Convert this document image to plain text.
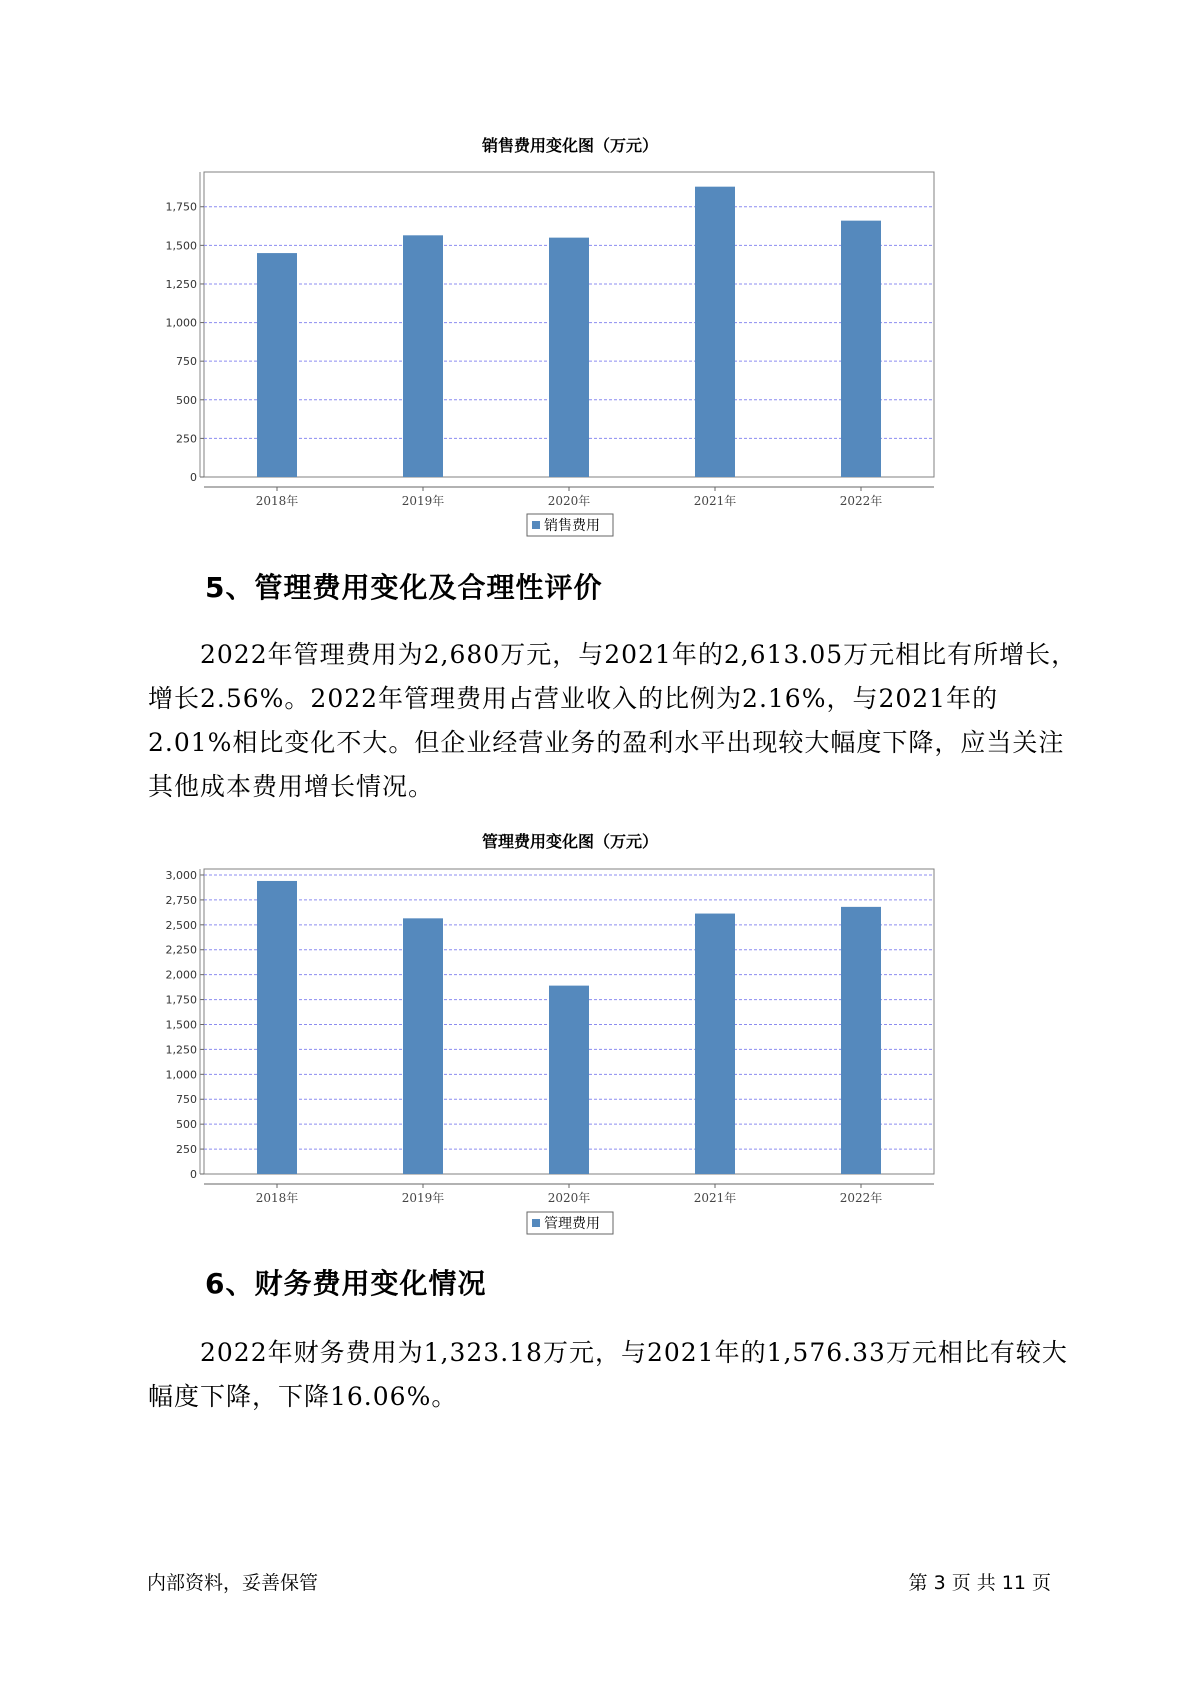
销售费用变化图（万元）
0
250
500
750
1,000
1,250
1,500
1,750
2018年	2019年	2020年	2021年	2022年
销售费用
5、管理费用变化及合理性评价

2022年管理费用为2,680万元，与2021年的2,613.05万元相比有所增长，增长2.56%。2022年管理费用占营业收入的比例为2.16%，与2021年的2.01%相比变化不大。但企业经营业务的盈利水平出现较大幅度下降，应当关注其他成本费用增长情况。

管理费用变化图（万元）
0
250
500
750
1,000
1,250
1,500
1,750
2,000
2,250
2,500
2,750
3,000
2018年	2019年	2020年	2021年	2022年
管理费用
6、财务费用变化情况

2022年财务费用为1,323.18万元，与2021年的1,576.33万元相比有较大幅度下降，下降16.06%。

内部资料，妥善保管	第 3 页 共 11 页
